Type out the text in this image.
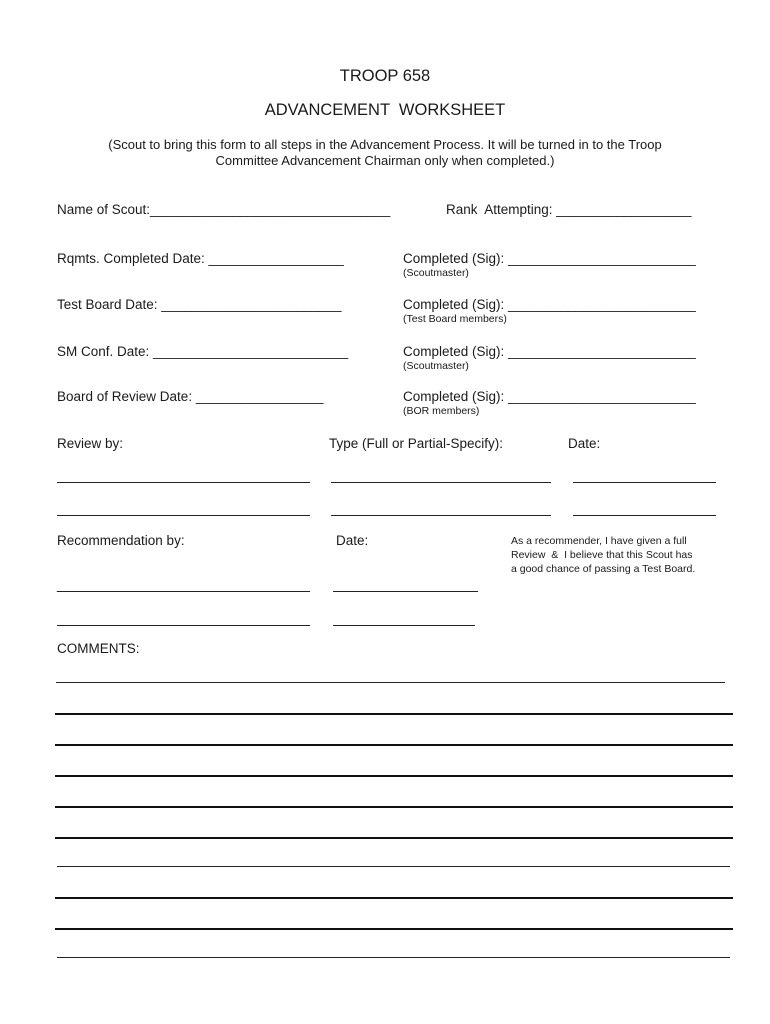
TROOP 658
ADVANCEMENT  WORKSHEET
(Scout to bring this form to all steps in the Advancement Process. It will be turned in to the Troop
Committee Advancement Chairman only when completed.)
Name of Scout:________________________________	Rank  Attempting: __________________
Rqmts. Completed Date: __________________	Completed (Sig): _________________________
(Scoutmaster)
Test Board Date: ________________________	Completed (Sig): _________________________
(Test Board members)
SM Conf. Date: __________________________	Completed (Sig): _________________________
(Scoutmaster)
Board of Review Date: _________________	Completed (Sig): _________________________
(BOR members)
Review by:	Type (Full or Partial-Specify):	Date:
Recommendation by:	Date:	As a recommender, I have given a full
Review  &  I believe that this Scout has
a good chance of passing a Test Board.
_
COMMENTS:
